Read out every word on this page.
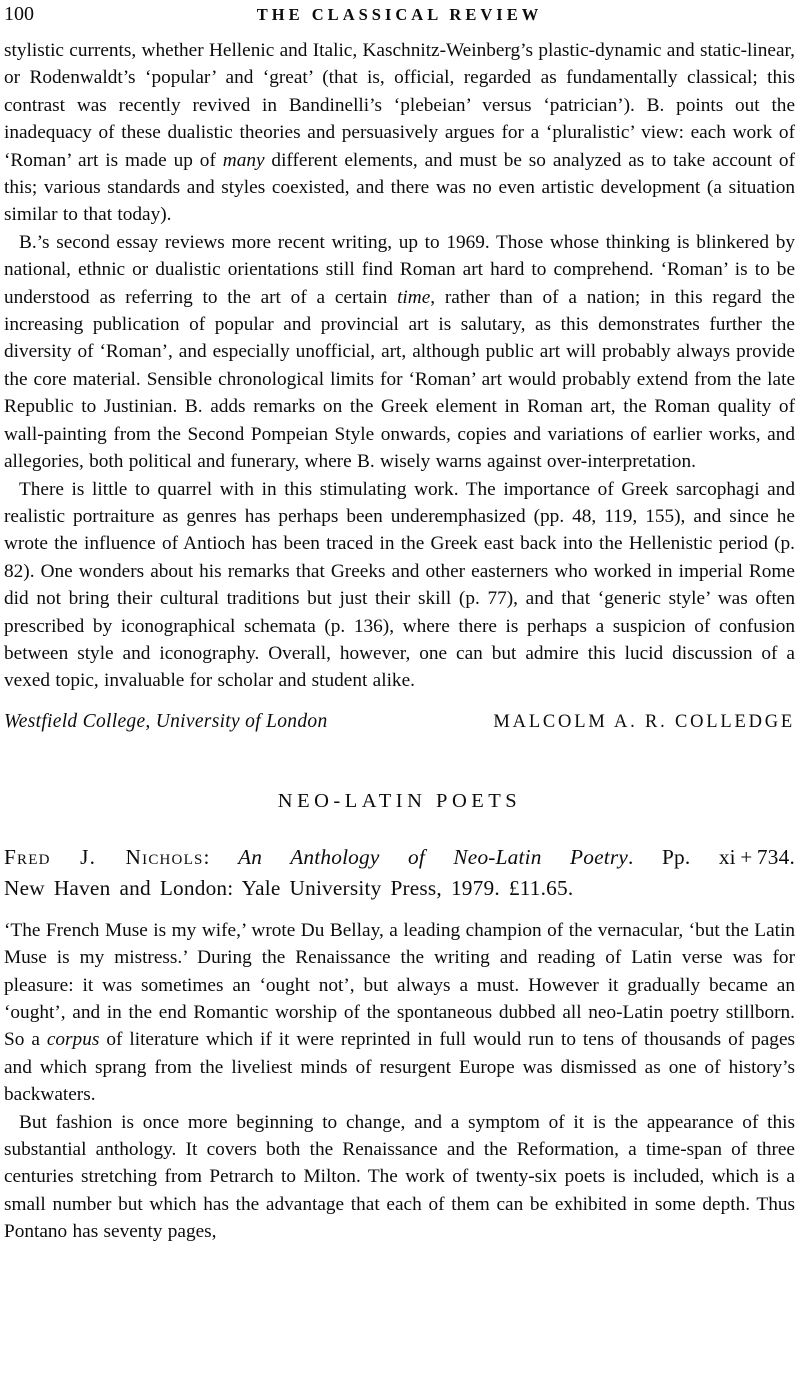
100	THE CLASSICAL REVIEW

stylistic currents, whether Hellenic and Italic, Kaschnitz-Weinberg’s plastic-dynamic and static-linear, or Rodenwaldt’s ‘popular’ and ‘great’ (that is, official, regarded as fundamentally classical; this contrast was recently revived in Bandinelli’s ‘plebeian’ versus ‘patrician’). B. points out the inadequacy of these dualistic theories and persuasively argues for a ‘pluralistic’ view: each work of ‘Roman’ art is made up of many different elements, and must be so analyzed as to take account of this; various standards and styles coexisted, and there was no even artistic development (a situation similar to that today).

B.’s second essay reviews more recent writing, up to 1969. Those whose thinking is blinkered by national, ethnic or dualistic orientations still find Roman art hard to comprehend. ‘Roman’ is to be understood as referring to the art of a certain time, rather than of a nation; in this regard the increasing publication of popular and provincial art is salutary, as this demonstrates further the diversity of ‘Roman’, and especially unofficial, art, although public art will probably always provide the core material. Sensible chronological limits for ‘Roman’ art would probably extend from the late Republic to Justinian. B. adds remarks on the Greek element in Roman art, the Roman quality of wall-painting from the Second Pompeian Style onwards, copies and variations of earlier works, and allegories, both political and funerary, where B. wisely warns against over-interpretation.

There is little to quarrel with in this stimulating work. The importance of Greek sarcophagi and realistic portraiture as genres has perhaps been underemphasized (pp. 48, 119, 155), and since he wrote the influence of Antioch has been traced in the Greek east back into the Hellenistic period (p. 82). One wonders about his remarks that Greeks and other easterners who worked in imperial Rome did not bring their cultural traditions but just their skill (p. 77), and that ‘generic style’ was often prescribed by iconographical schemata (p. 136), where there is perhaps a suspicion of confusion between style and iconography. Overall, however, one can but admire this lucid discussion of a vexed topic, invaluable for scholar and student alike.

Westfield College, University of London	MALCOLM A. R. COLLEDGE
NEO-LATIN POETS
Fred J. Nichols: An Anthology of Neo-Latin Poetry. Pp. xi + 734.
New Haven and London: Yale University Press, 1979. £11.65.

‘The French Muse is my wife,’ wrote Du Bellay, a leading champion of the vernacular, ‘but the Latin Muse is my mistress.’ During the Renaissance the writing and reading of Latin verse was for pleasure: it was sometimes an ‘ought not’, but always a must. However it gradually became an ‘ought’, and in the end Romantic worship of the spontaneous dubbed all neo-Latin poetry stillborn. So a corpus of literature which if it were reprinted in full would run to tens of thousands of pages and which sprang from the liveliest minds of resurgent Europe was dismissed as one of history’s backwaters.

But fashion is once more beginning to change, and a symptom of it is the appearance of this substantial anthology. It covers both the Renaissance and the Reformation, a time-span of three centuries stretching from Petrarch to Milton. The work of twenty-six poets is included, which is a small number but which has the advantage that each of them can be exhibited in some depth. Thus Pontano has seventy pages,
